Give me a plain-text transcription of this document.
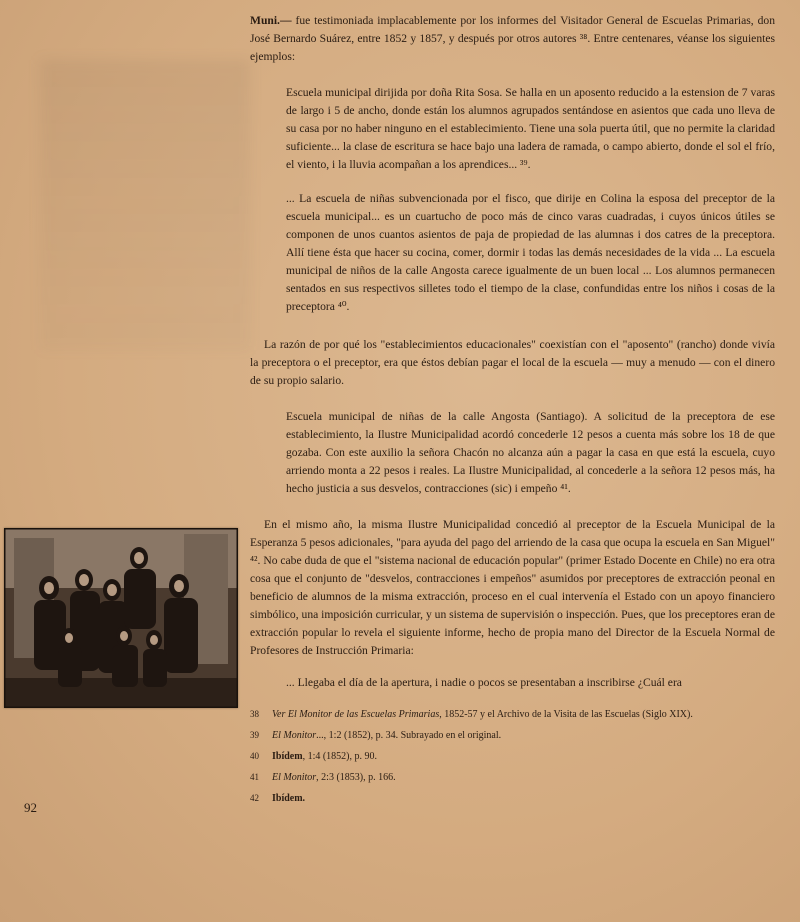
Muni.— fue testimoniada implacablemente por los informes del Visitador General de Escuelas Primarias, don José Bernardo Suárez, entre 1852 y 1857, y después por otros autores ³⁸. Entre centenares, véanse los siguientes ejemplos:

Escuela municipal dirijida por doña Rita Sosa. Se halla en un aposento reducido a la estension de 7 varas de largo i 5 de ancho, donde están los alumnos agrupados sentándose en asientos que cada uno lleva de su casa por no haber ninguno en el establecimiento. Tiene una sola puerta útil, que no permite la claridad suficiente... la clase de escritura se hace bajo una ladera de ramada, o campo abierto, donde el sol el frío, el viento, i la lluvia acompañan a los aprendices... ³⁹.

... La escuela de niñas subvencionada por el fisco, que dirije en Colina la esposa del preceptor de la escuela municipal... es un cuartucho de poco más de cinco varas cuadradas, i cuyos únicos útiles se componen de unos cuantos asientos de paja de propiedad de las alumnas i dos catres de la preceptora. Allí tiene ésta que hacer su cocina, comer, dormir i todas las demás necesidades de la vida ... La escuela municipal de niños de la calle Angosta carece igualmente de un buen local ... Los alumnos permanecen sentados en sus respectivos silletes todo el tiempo de la clase, confundidas entre los niños i cosas de la preceptora ⁴⁰.

La razón de por qué los "establecimientos educacionales" coexistían con el "aposento" (rancho) donde vivía la preceptora o el preceptor, era que éstos debían pagar el local de la escuela — muy a menudo — con el dinero de su propio salario.

Escuela municipal de niñas de la calle Angosta (Santiago). A solicitud de la preceptora de ese establecimiento, la Ilustre Municipalidad acordó concederle 12 pesos a cuenta más sobre los 18 de que gozaba. Con este auxilio la señora Chacón no alcanza aún a pagar la casa en que está la escuela, cuyo arriendo monta a 22 pesos i reales. La Ilustre Municipalidad, al concederle a la señora 12 pesos más, ha hecho justicia a sus desvelos, contracciones (sic) i empeño ⁴¹.

En el mismo año, la misma Ilustre Municipalidad concedió al preceptor de la Escuela Municipal de la Esperanza 5 pesos adicionales, "para ayuda del pago del arriendo de la casa que ocupa la escuela en San Miguel" ⁴². No cabe duda de que el "sistema nacional de educación popular" (primer Estado Docente en Chile) no era otra cosa que el conjunto de "desvelos, contracciones i empeños" asumidos por preceptores de extracción peonal en beneficio de alumnos de la misma extracción, proceso en el cual intervenía el Estado con un apoyo financiero simbólico, una imposición curricular, y un sistema de supervisión o inspección. Pues, que los preceptores eran de extracción popular lo revela el siguiente informe, hecho de propia mano del Director de la Escuela Normal de Profesores de Instrucción Primaria:

... Llegaba el día de la apertura, i nadie o pocos se presentaban a inscribirse ¿Cuál era

38	Ver El Monitor de las Escuelas Primarias, 1852-57 y el Archivo de la Visita de las Escuelas (Siglo XIX).
39	El Monitor..., 1:2 (1852), p. 34. Subrayado en el original.
40	Ibídem, 1:4 (1852), p. 90.
41	El Monitor, 2:3 (1853), p. 166.
42	Ibídem.
92
